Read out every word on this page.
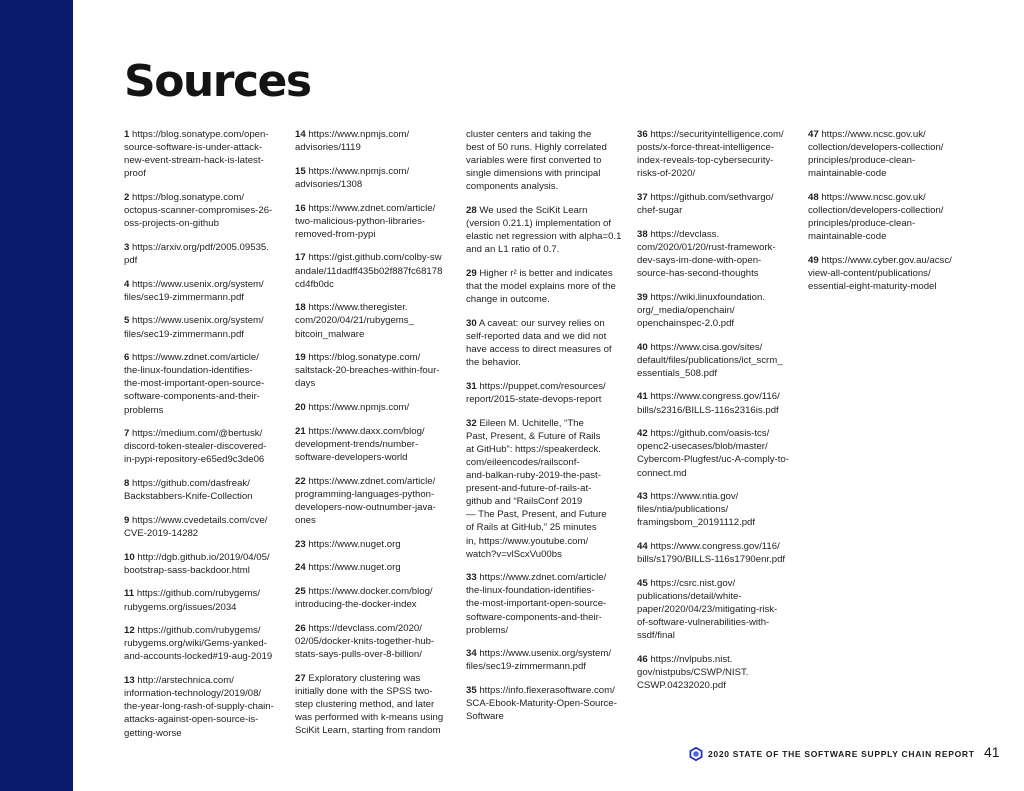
Sources

1 https://blog.sonatype.com/open-
source-software-is-under-attack-
new-event-stream-hack-is-latest-
proof

2 https://blog.sonatype.com/
octopus-scanner-compromises-26-
oss-projects-on-github

3 https://arxiv.org/pdf/2005.09535.
pdf

4 https://www.usenix.org/system/
files/sec19-zimmermann.pdf

5 https://www.usenix.org/system/
files/sec19-zimmermann.pdf

6 https://www.zdnet.com/article/
the-linux-foundation-identifies-
the-most-important-open-source-
software-components-and-their-
problems

7 https://medium.com/@bertusk/
discord-token-stealer-discovered-
in-pypi-repository-e65ed9c3de06

8 https://github.com/dasfreak/
Backstabbers-Knife-Collection

9 https://www.cvedetails.com/cve/
CVE-2019-14282

10 http://dgb.github.io/2019/04/05/
bootstrap-sass-backdoor.html

11 https://github.com/rubygems/
rubygems.org/issues/2034

12 https://github.com/rubygems/
rubygems.org/wiki/Gems-yanked-
and-accounts-locked#19-aug-2019

13 http://arstechnica.com/
information-technology/2019/08/
the-year-long-rash-of-supply-chain-
attacks-against-open-source-is-
getting-worse

14 https://www.npmjs.com/
advisories/1119

15 https://www.npmjs.com/
advisories/1308

16 https://www.zdnet.com/article/
two-malicious-python-libraries-
removed-from-pypi

17 https://gist.github.com/colby-sw
andale/11dadff435b02f887fc68178
cd4fb0dc

18 https://www.theregister.
com/2020/04/21/rubygems_
bitcoin_malware

19 https://blog.sonatype.com/
saltstack-20-breaches-within-four-
days

20 https://www.npmjs.com/

21 https://www.daxx.com/blog/
development-trends/number-
software-developers-world

22 https://www.zdnet.com/article/
programming-languages-python-
developers-now-outnumber-java-
ones

23 https://www.nuget.org

24 https://www.nuget.org

25 https://www.docker.com/blog/
introducing-the-docker-index

26 https://devclass.com/2020/
02/05/docker-knits-together-hub-
stats-says-pulls-over-8-billion/

27 Exploratory clustering was
initially done with the SPSS two-
step clustering method, and later
was performed with k-means using
SciKit Learn, starting from random

cluster centers and taking the
best of 50 runs. Highly correlated
variables were first converted to
single dimensions with principal
components analysis.

28 We used the SciKit Learn
(version 0.21.1) implementation of
elastic net regression with alpha=0.1
and an L1 ratio of 0.7.

29 Higher r² is better and indicates
that the model explains more of the
change in outcome.

30 A caveat: our survey relies on
self-reported data and we did not
have access to direct measures of
the behavior.

31 https://puppet.com/resources/
report/2015-state-devops-report

32 Eileen M. Uchitelle, “The
Past, Present, & Future of Rails
at GitHub”: https://speakerdeck.
com/eileencodes/railsconf-
and-balkan-ruby-2019-the-past-
present-and-future-of-rails-at-
github and “RailsConf 2019
— The Past, Present, and Future
of Rails at GitHub,” 25 minutes
in, https://www.youtube.com/
watch?v=vlScxVu00bs

33 https://www.zdnet.com/article/
the-linux-foundation-identifies-
the-most-important-open-source-
software-components-and-their-
problems/

34 https://www.usenix.org/system/
files/sec19-zimmermann.pdf

35 https://info.flexerasoftware.com/
SCA-Ebook-Maturity-Open-Source-
Software

36 https://securityintelligence.com/
posts/x-force-threat-intelligence-
index-reveals-top-cybersecurity-
risks-of-2020/

37 https://github.com/sethvargo/
chef-sugar

38 https://devclass.
com/2020/01/20/rust-framework-
dev-says-im-done-with-open-
source-has-second-thoughts

39 https://wiki.linuxfoundation.
org/_media/openchain/
openchainspec-2.0.pdf

40 https://www.cisa.gov/sites/
default/files/publications/ict_scrm_
essentials_508.pdf

41 https://www.congress.gov/116/
bills/s2316/BILLS-116s2316is.pdf

42 https://github.com/oasis-tcs/
openc2-usecases/blob/master/
Cybercom-Plugfest/uc-A-comply-to-
connect.md

43 https://www.ntia.gov/
files/ntia/publications/
framingsbom_20191112.pdf

44 https://www.congress.gov/116/
bills/s1790/BILLS-116s1790enr.pdf

45 https://csrc.nist.gov/
publications/detail/white-
paper/2020/04/23/mitigating-risk-
of-software-vulnerabilities-with-
ssdf/final

46 https://nvlpubs.nist.
gov/nistpubs/CSWP/NIST.
CSWP.04232020.pdf

47 https://www.ncsc.gov.uk/
collection/developers-collection/
principles/produce-clean-
maintainable-code

48 https://www.ncsc.gov.uk/
collection/developers-collection/
principles/produce-clean-
maintainable-code

49 https://www.cyber.gov.au/acsc/
view-all-content/publications/
essential-eight-maturity-model

2020 STATE OF THE SOFTWARE SUPPLY CHAIN REPORT 41
